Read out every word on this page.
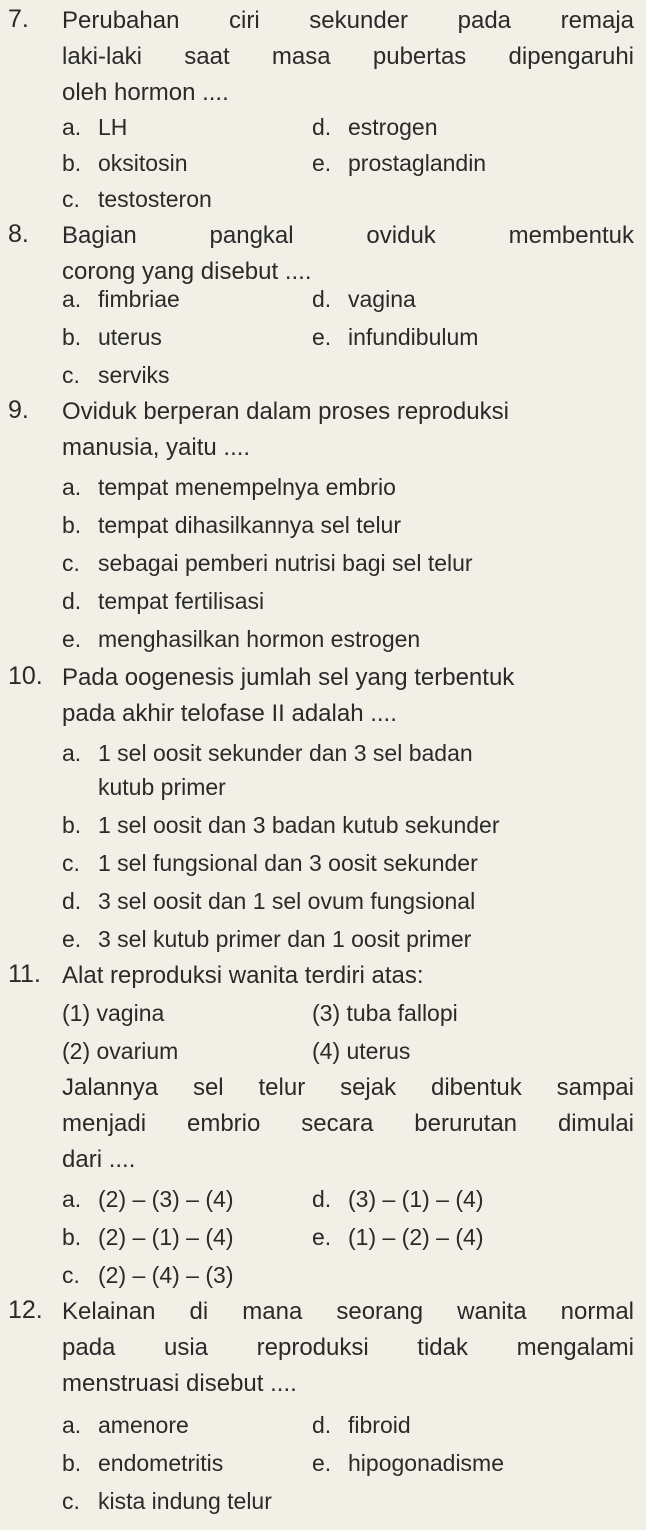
7. Perubahan ciri sekunder pada remaja
laki-laki saat masa pubertas dipengaruhi
oleh hormon ....
a. LH
b. oksitosin
c. testosteron
d. estrogen
e. prostaglandin
8. Bagian pangkal oviduk membentuk
corong yang disebut ....
a. fimbriae
b. uterus
c. serviks
d. vagina
e. infundibulum
9. Oviduk berperan dalam proses reproduksi
manusia, yaitu ....
a. tempat menempelnya embrio
b. tempat dihasilkannya sel telur
c. sebagai pemberi nutrisi bagi sel telur
d. tempat fertilisasi
e. menghasilkan hormon estrogen
10. Pada oogenesis jumlah sel yang terbentuk
pada akhir telofase II adalah ....
a. 1 sel oosit sekunder dan 3 sel badan
kutub primer
b. 1 sel oosit dan 3 badan kutub sekunder
c. 1 sel fungsional dan 3 oosit sekunder
d. 3 sel oosit dan 1 sel ovum fungsional
e. 3 sel kutub primer dan 1 oosit primer
11. Alat reproduksi wanita terdiri atas:
(1) vagina
(2) ovarium
(3) tuba fallopi
(4) uterus
Jalannya sel telur sejak dibentuk sampai
menjadi embrio secara berurutan dimulai
dari ....
a. (2) – (3) – (4)
b. (2) – (1) – (4)
c. (2) – (4) – (3)
d. (3) – (1) – (4)
e. (1) – (2) – (4)
12. Kelainan di mana seorang wanita normal
pada usia reproduksi tidak mengalami
menstruasi disebut ....
a. amenore
b. endometritis
c. kista indung telur
d. fibroid
e. hipogonadisme
